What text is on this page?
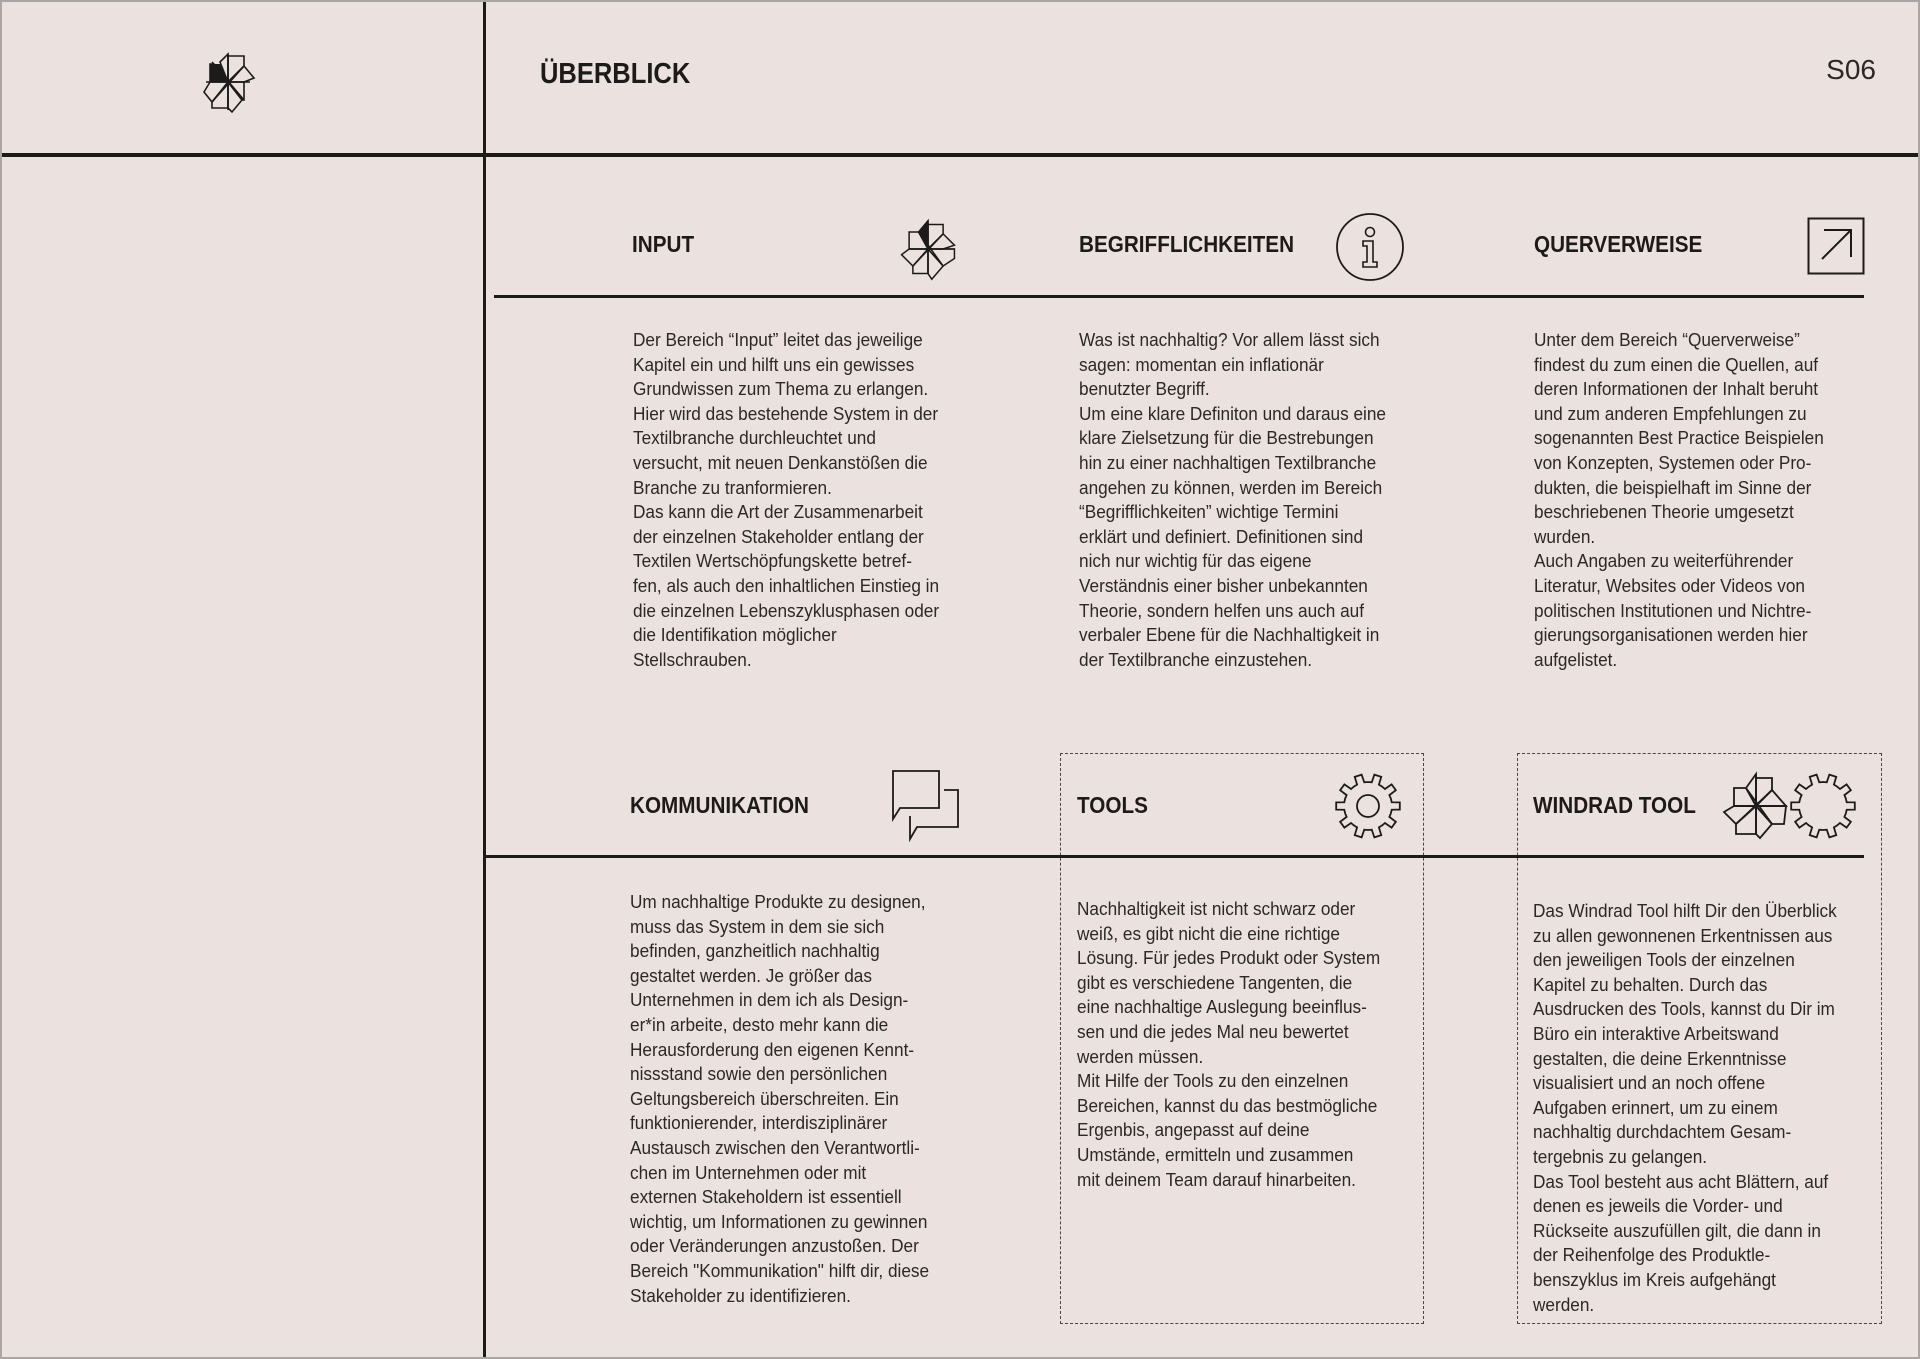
ÜBERBLICK	S06
INPUT	BEGRIFFLICHKEITEN	QUERVERWEISE
Der Bereich “Input” leitet das jeweilige
Kapitel ein und hilft uns ein gewisses
Grundwissen zum Thema zu erlangen.
Hier wird das bestehende System in der
Textilbranche durchleuchtet und
versucht, mit neuen Denkanstößen die
Branche zu tranformieren.
Das kann die Art der Zusammenarbeit
der einzelnen Stakeholder entlang der
Textilen Wertschöpfungskette betref-
fen, als auch den inhaltlichen Einstieg in
die einzelnen Lebenszyklusphasen oder
die Identifikation möglicher
Stellschrauben.
Was ist nachhaltig? Vor allem lässt sich
sagen: momentan ein inflationär
benutzter Begriff.
Um eine klare Definiton und daraus eine
klare Zielsetzung für die Bestrebungen
hin zu einer nachhaltigen Textilbranche
angehen zu können, werden im Bereich
“Begrifflichkeiten” wichtige Termini
erklärt und definiert. Definitionen sind
nich nur wichtig für das eigene
Verständnis einer bisher unbekannten
Theorie, sondern helfen uns auch auf
verbaler Ebene für die Nachhaltigkeit in
der Textilbranche einzustehen.
Unter dem Bereich “Querverweise”
findest du zum einen die Quellen, auf
deren Informationen der Inhalt beruht
und zum anderen Empfehlungen zu
sogenannten Best Practice Beispielen
von Konzepten, Systemen oder Pro-
dukten, die beispielhaft im Sinne der
beschriebenen Theorie umgesetzt
wurden.
Auch Angaben zu weiterführender
Literatur, Websites oder Videos von
politischen Institutionen und Nichtre-
gierungsorganisationen werden hier
aufgelistet.
KOMMUNIKATION	TOOLS	WINDRAD TOOL
Um nachhaltige Produkte zu designen,
muss das System in dem sie sich
befinden, ganzheitlich nachhaltig
gestaltet werden. Je größer das
Unternehmen in dem ich als Design-
er*in arbeite, desto mehr kann die
Herausforderung den eigenen Kennt-
nissstand sowie den persönlichen
Geltungsbereich überschreiten. Ein
funktionierender, interdisziplinärer
Austausch zwischen den Verantwortli-
chen im Unternehmen oder mit
externen Stakeholdern ist essentiell
wichtig, um Informationen zu gewinnen
oder Veränderungen anzustoßen. Der
Bereich "Kommunikation" hilft dir, diese
Stakeholder zu identifizieren.
Nachhaltigkeit ist nicht schwarz oder
weiß, es gibt nicht die eine richtige
Lösung. Für jedes Produkt oder System
gibt es verschiedene Tangenten, die
eine nachhaltige Auslegung beeinflus-
sen und die jedes Mal neu bewertet
werden müssen.
Mit Hilfe der Tools zu den einzelnen
Bereichen, kannst du das bestmögliche
Ergenbis, angepasst auf deine
Umstände, ermitteln und zusammen
mit deinem Team darauf hinarbeiten.
Das Windrad Tool hilft Dir den Überblick
zu allen gewonnenen Erkentnissen aus
den jeweiligen Tools der einzelnen
Kapitel zu behalten. Durch das
Ausdrucken des Tools, kannst du Dir im
Büro ein interaktive Arbeitswand
gestalten, die deine Erkenntnisse
visualisiert und an noch offene
Aufgaben erinnert, um zu einem
nachhaltig durchdachtem Gesam-
tergebnis zu gelangen.
Das Tool besteht aus acht Blättern, auf
denen es jeweils die Vorder- und
Rückseite auszufüllen gilt, die dann in
der Reihenfolge des Produktle-
benszyklus im Kreis aufgehängt
werden.
